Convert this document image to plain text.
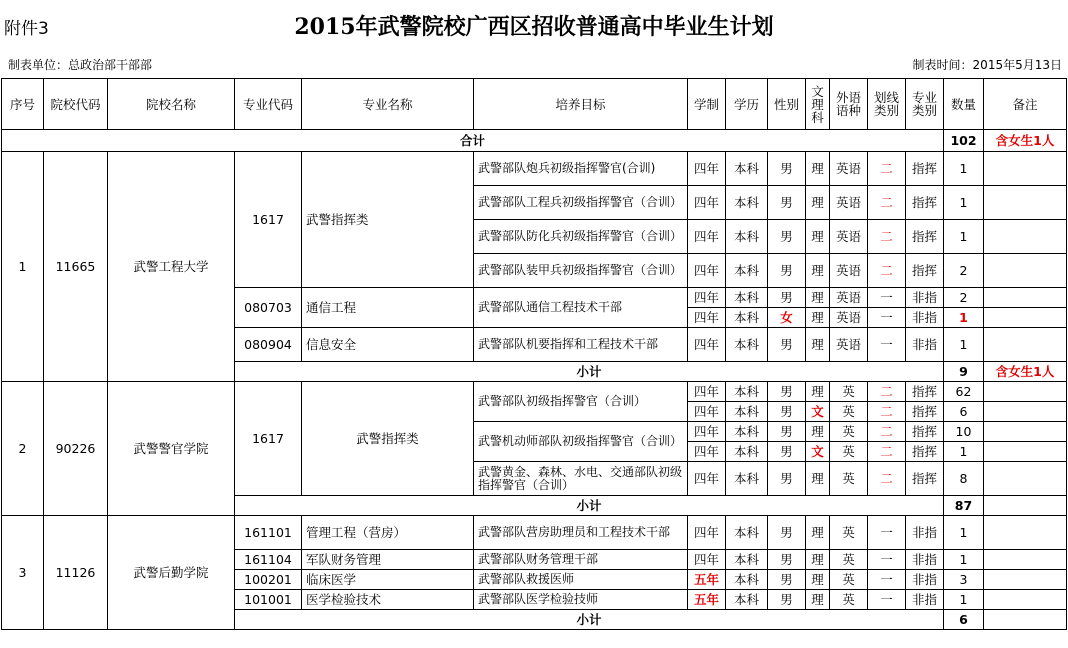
附件3	2015年武警院校广西区招收普通高中毕业生计划
制表单位：总政治部干部部	制表时间：2015年5月13日
序号	院校代码	院校名称	专业代码	专业名称	培养目标	学制	学历	性别	文理科	外语语种	划线类别	专业类别	数量	备注
合计													102	含女生1人
1	11665	武警工程大学	1617	武警指挥类	武警部队炮兵初级指挥警官(合训)	四年	本科	男	理	英语	二	指挥	1	
					武警部队工程兵初级指挥警官（合训）	四年	本科	男	理	英语	二	指挥	1	
					武警部队防化兵初级指挥警官（合训）	四年	本科	男	理	英语	二	指挥	1	
					武警部队装甲兵初级指挥警官（合训）	四年	本科	男	理	英语	二	指挥	2	
			080703	通信工程	武警部队通信工程技术干部	四年	本科	男	理	英语	一	非指	2	
						四年	本科	女	理	英语	一	非指	1	
			080904	信息安全	武警部队机要指挥和工程技术干部	四年	本科	男	理	英语	一	非指	1	
			小计										9	含女生1人
2	90226	武警警官学院	1617	武警指挥类	武警部队初级指挥警官（合训）	四年	本科	男	理	英	二	指挥	62	
						四年	本科	男	文	英	二	指挥	6	
					武警机动师部队初级指挥警官（合训）	四年	本科	男	理	英	二	指挥	10	
						四年	本科	男	文	英	二	指挥	1	
					武警黄金、森林、水电、交通部队初级指挥警官（合训）	四年	本科	男	理	英	二	指挥	8	
			小计										87	
3	11126	武警后勤学院	161101	管理工程（营房）	武警部队营房助理员和工程技术干部	四年	本科	男	理	英	一	非指	1	
			161104	军队财务管理	武警部队财务管理干部	四年	本科	男	理	英	一	非指	1	
			100201	临床医学	武警部队救援医师	五年	本科	男	理	英	一	非指	3	
			101001	医学检验技术	武警部队医学检验技师	五年	本科	男	理	英	一	非指	1	
			小计										6	
